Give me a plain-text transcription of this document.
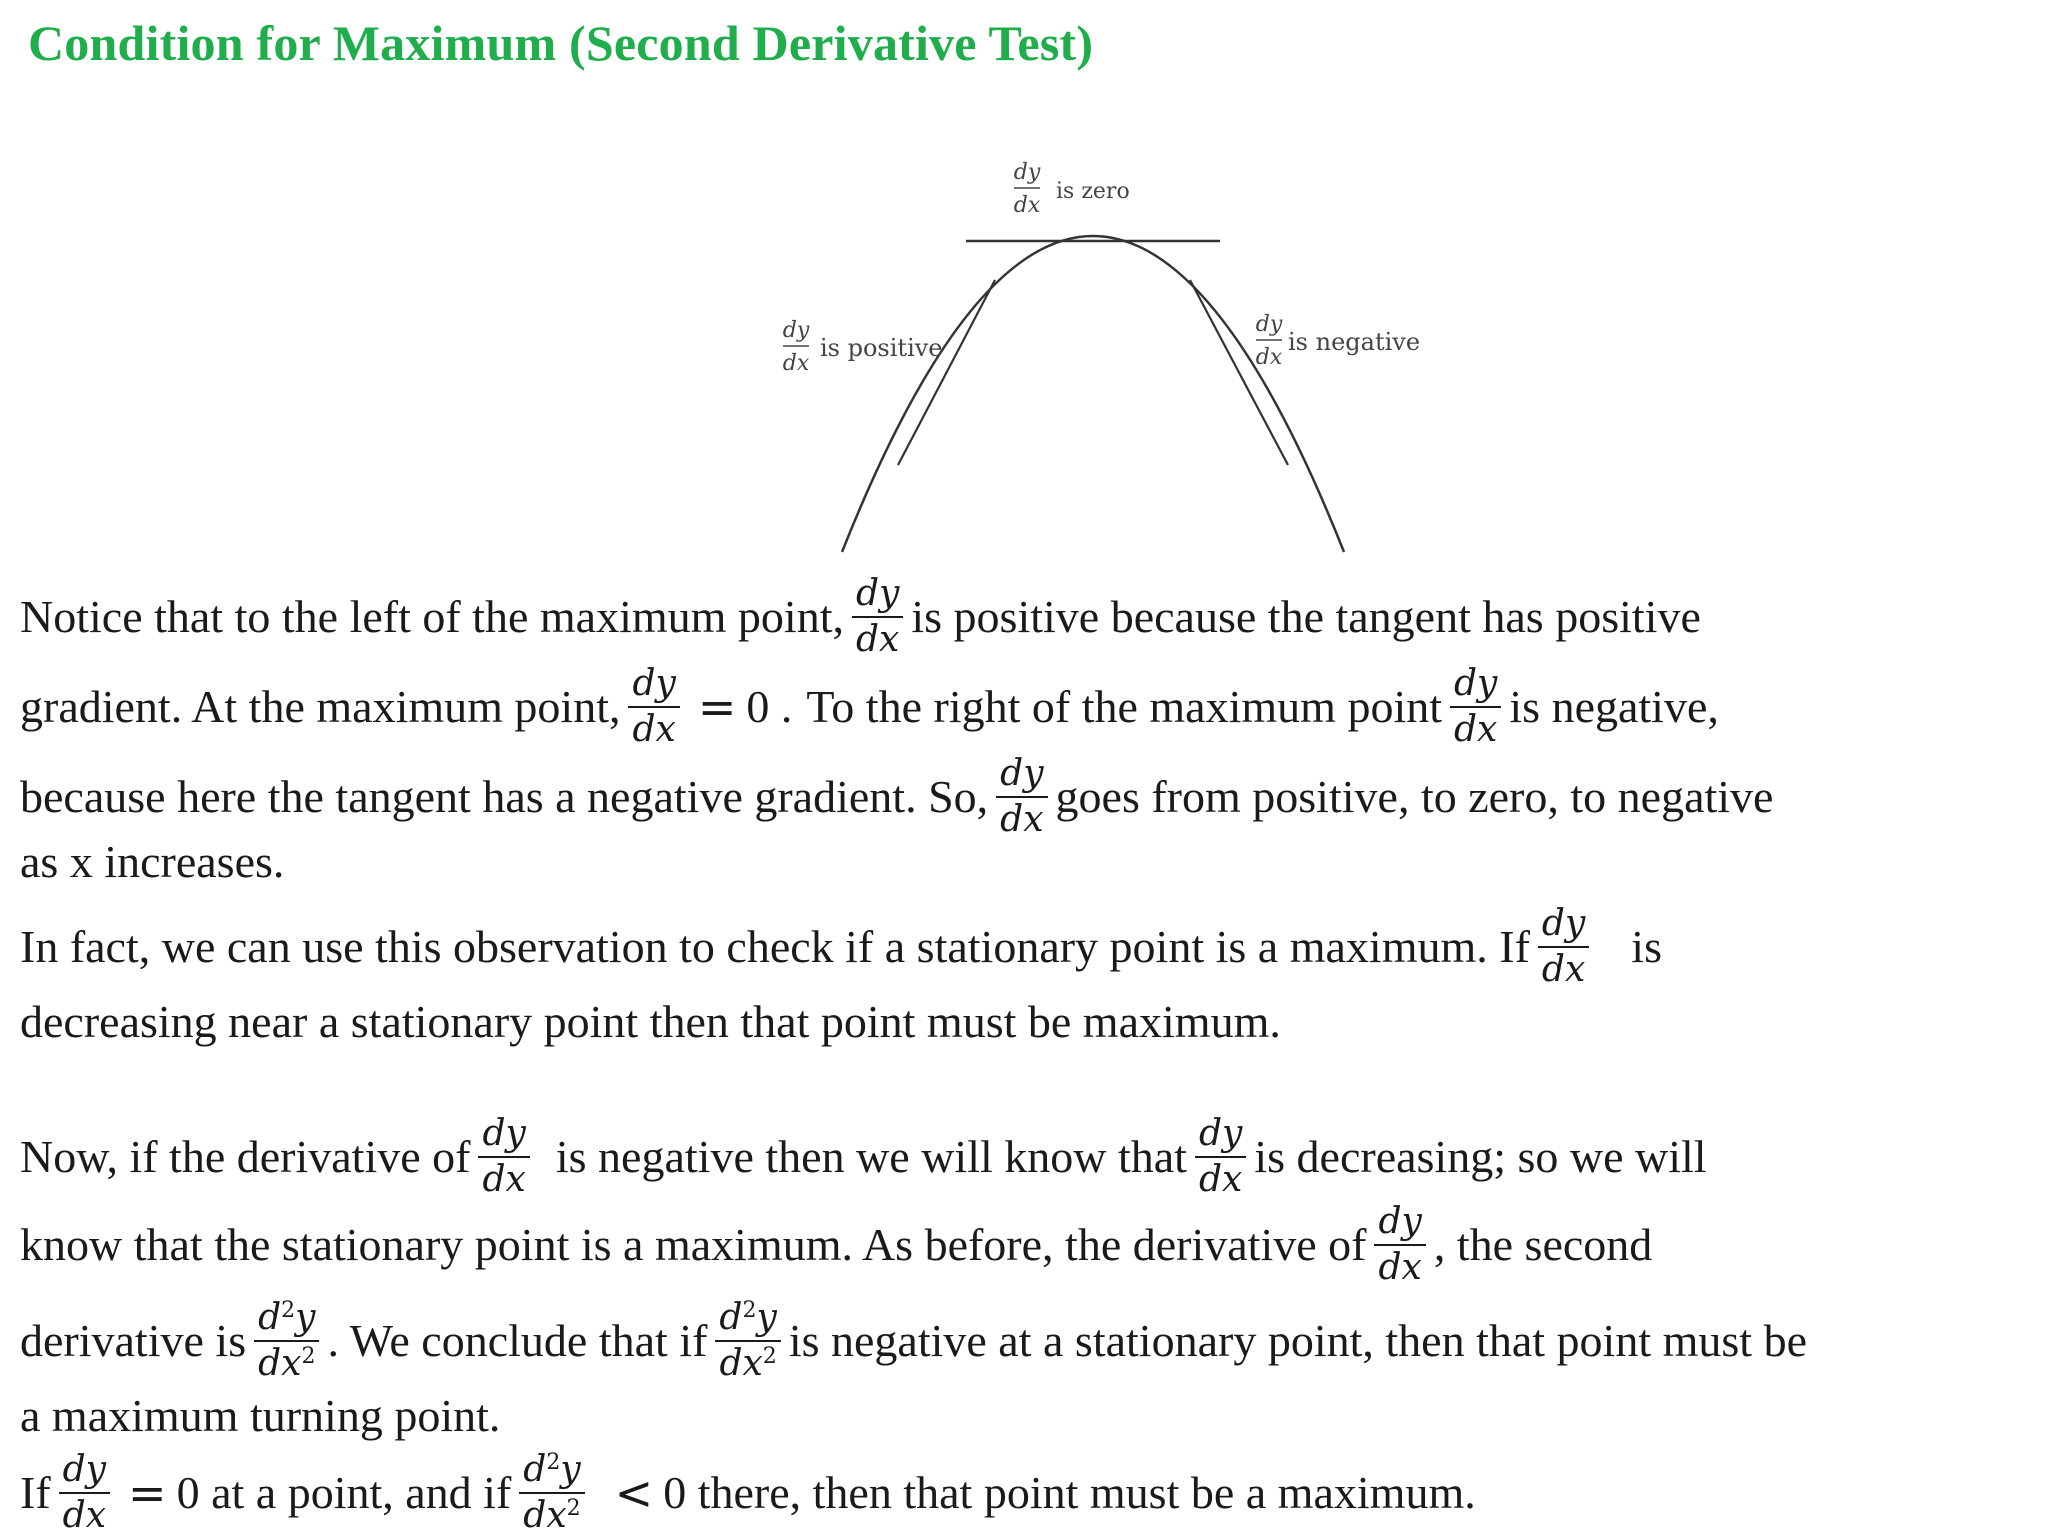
Condition for Maximum (Second Derivative Test)
dy
dx
is zero
dy
dx
is positive
dy
dx
is negative
Notice that to the left of the maximum point, $\frac{dy}{dx}$ is positive because the tangent has positive
gradient. At the maximum point, $\frac{dy}{dx} = 0$ . To the right of the maximum point $\frac{dy}{dx}$ is negative,
because here the tangent has a negative gradient. So, $\frac{dy}{dx}$ goes from positive, to zero, to negative
as x increases.
In fact, we can use this observation to check if a stationary point is a maximum. If $\frac{dy}{dx}$ is
decreasing near a stationary point then that point must be maximum.
Now, if the derivative of $\frac{dy}{dx}$ is negative then we will know that $\frac{dy}{dx}$ is decreasing; so we will
know that the stationary point is a maximum. As before, the derivative of $\frac{dy}{dx}$ , the second
derivative is $\frac{d^2y}{dx^2}$ . We conclude that if $\frac{d^2y}{dx^2}$ is negative at a stationary point, then that point must be
a maximum turning point.
If $\frac{dy}{dx} = 0$ at a point, and if $\frac{d^2y}{dx^2} < 0$ there, then that point must be a maximum.
